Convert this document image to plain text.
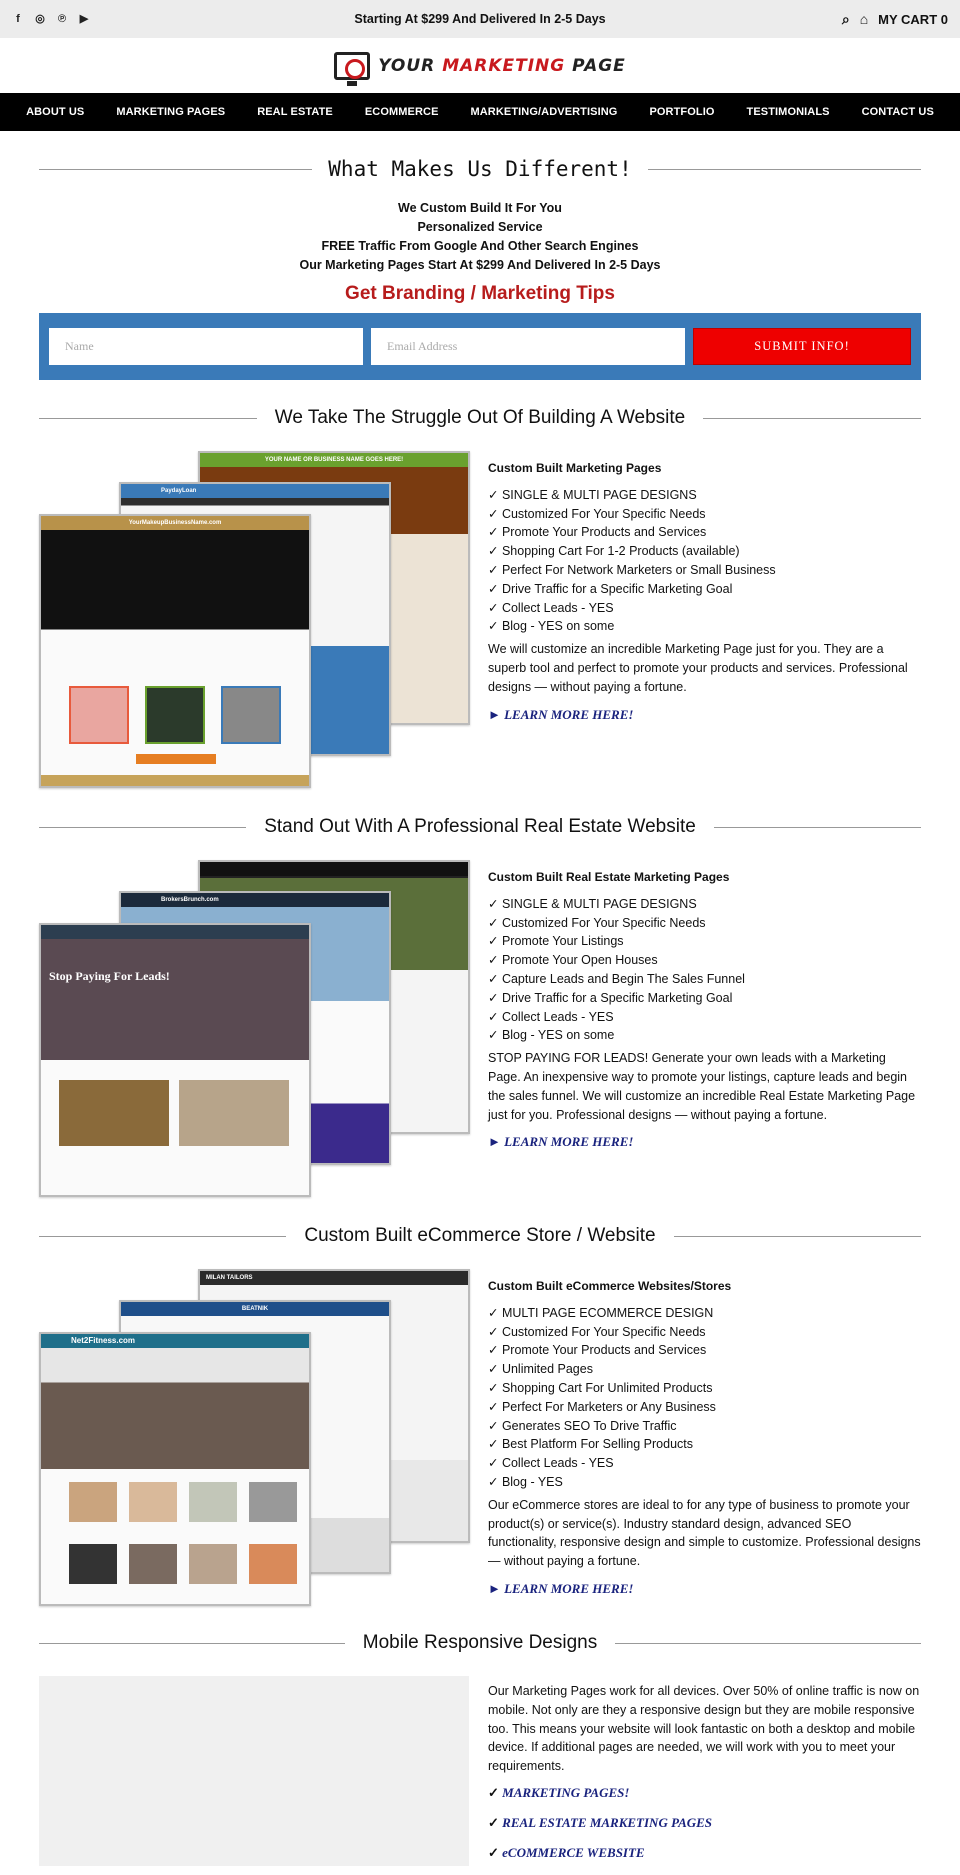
f	◎ ℗ ▶	Starting At $299 And Delivered In 2-5 Days	⌕ ⌂ MY CART 0
YOUR MARKETING PAGE
ABOUT US	MARKETING PAGES	REAL ESTATE	ECOMMERCE	MARKETING/ADVERTISING	PORTFOLIO	TESTIMONIALS	CONTACT US
What Makes Us Different!
We Custom Build It For You
Personalized Service
FREE Traffic From Google And Other Search Engines
Our Marketing Pages Start At $299 And Delivered In 2-5 Days
Get Branding / Marketing Tips
Name	Email Address	SUBMIT INFO!
We Take The Struggle Out Of Building A Website
YOUR NAME OR BUSINESS NAME GOES HERE!
PaydayLoan
YourMakeupBusinessName.com
Custom Built Marketing Pages
✓ SINGLE & MULTI PAGE DESIGNS
✓ Customized For Your Specific Needs
✓ Promote Your Products and Services
✓ Shopping Cart For 1-2 Products (available)
✓ Perfect For Network Marketers or Small Business
✓ Drive Traffic for a Specific Marketing Goal
✓ Collect Leads - YES
✓ Blog - YES on some
We will customize an incredible Marketing Page just for you. They are a superb tool and perfect to promote your products and services. Professional designs — without paying a fortune.
► LEARN MORE HERE!
Stand Out With A Professional Real Estate Website
BrokersBrunch.com
Stop Paying For Leads!
Custom Built Real Estate Marketing Pages
✓ SINGLE & MULTI PAGE DESIGNS
✓ Customized For Your Specific Needs
✓ Promote Your Listings
✓ Promote Your Open Houses
✓ Capture Leads and Begin The Sales Funnel
✓ Drive Traffic for a Specific Marketing Goal
✓ Collect Leads - YES
✓ Blog - YES on some
STOP PAYING FOR LEADS! Generate your own leads with a Marketing Page. An inexpensive way to promote your listings, capture leads and begin the sales funnel. We will customize an incredible Real Estate Marketing Page just for you. Professional designs — without paying a fortune.
► LEARN MORE HERE!
Custom Built eCommerce Store / Website
MILAN TAILORS
BEATNIK
Net2Fitness.com
Custom Built eCommerce Websites/Stores
✓ MULTI PAGE ECOMMERCE DESIGN
✓ Customized For Your Specific Needs
✓ Promote Your Products and Services
✓ Unlimited Pages
✓ Shopping Cart For Unlimited Products
✓ Perfect For Marketers or Any Business
✓ Generates SEO To Drive Traffic
✓ Best Platform For Selling Products
✓ Collect Leads - YES
✓ Blog - YES
Our eCommerce stores are ideal to for any type of business to promote your product(s) or service(s). Industry standard design, advanced SEO functionality, responsive design and simple to customize. Professional designs — without paying a fortune.
► LEARN MORE HERE!
Mobile Responsive Designs
Our Marketing Pages work for all devices. Over 50% of online traffic is now on mobile. Not only are they a responsive design but they are mobile responsive too. This means your website will look fantastic on both a desktop and mobile device. If additional pages are needed, we will work with you to meet your requirements.
✓ MARKETING PAGES!
✓ REAL ESTATE MARKETING PAGES
✓ eCOMMERCE WEBSITE
